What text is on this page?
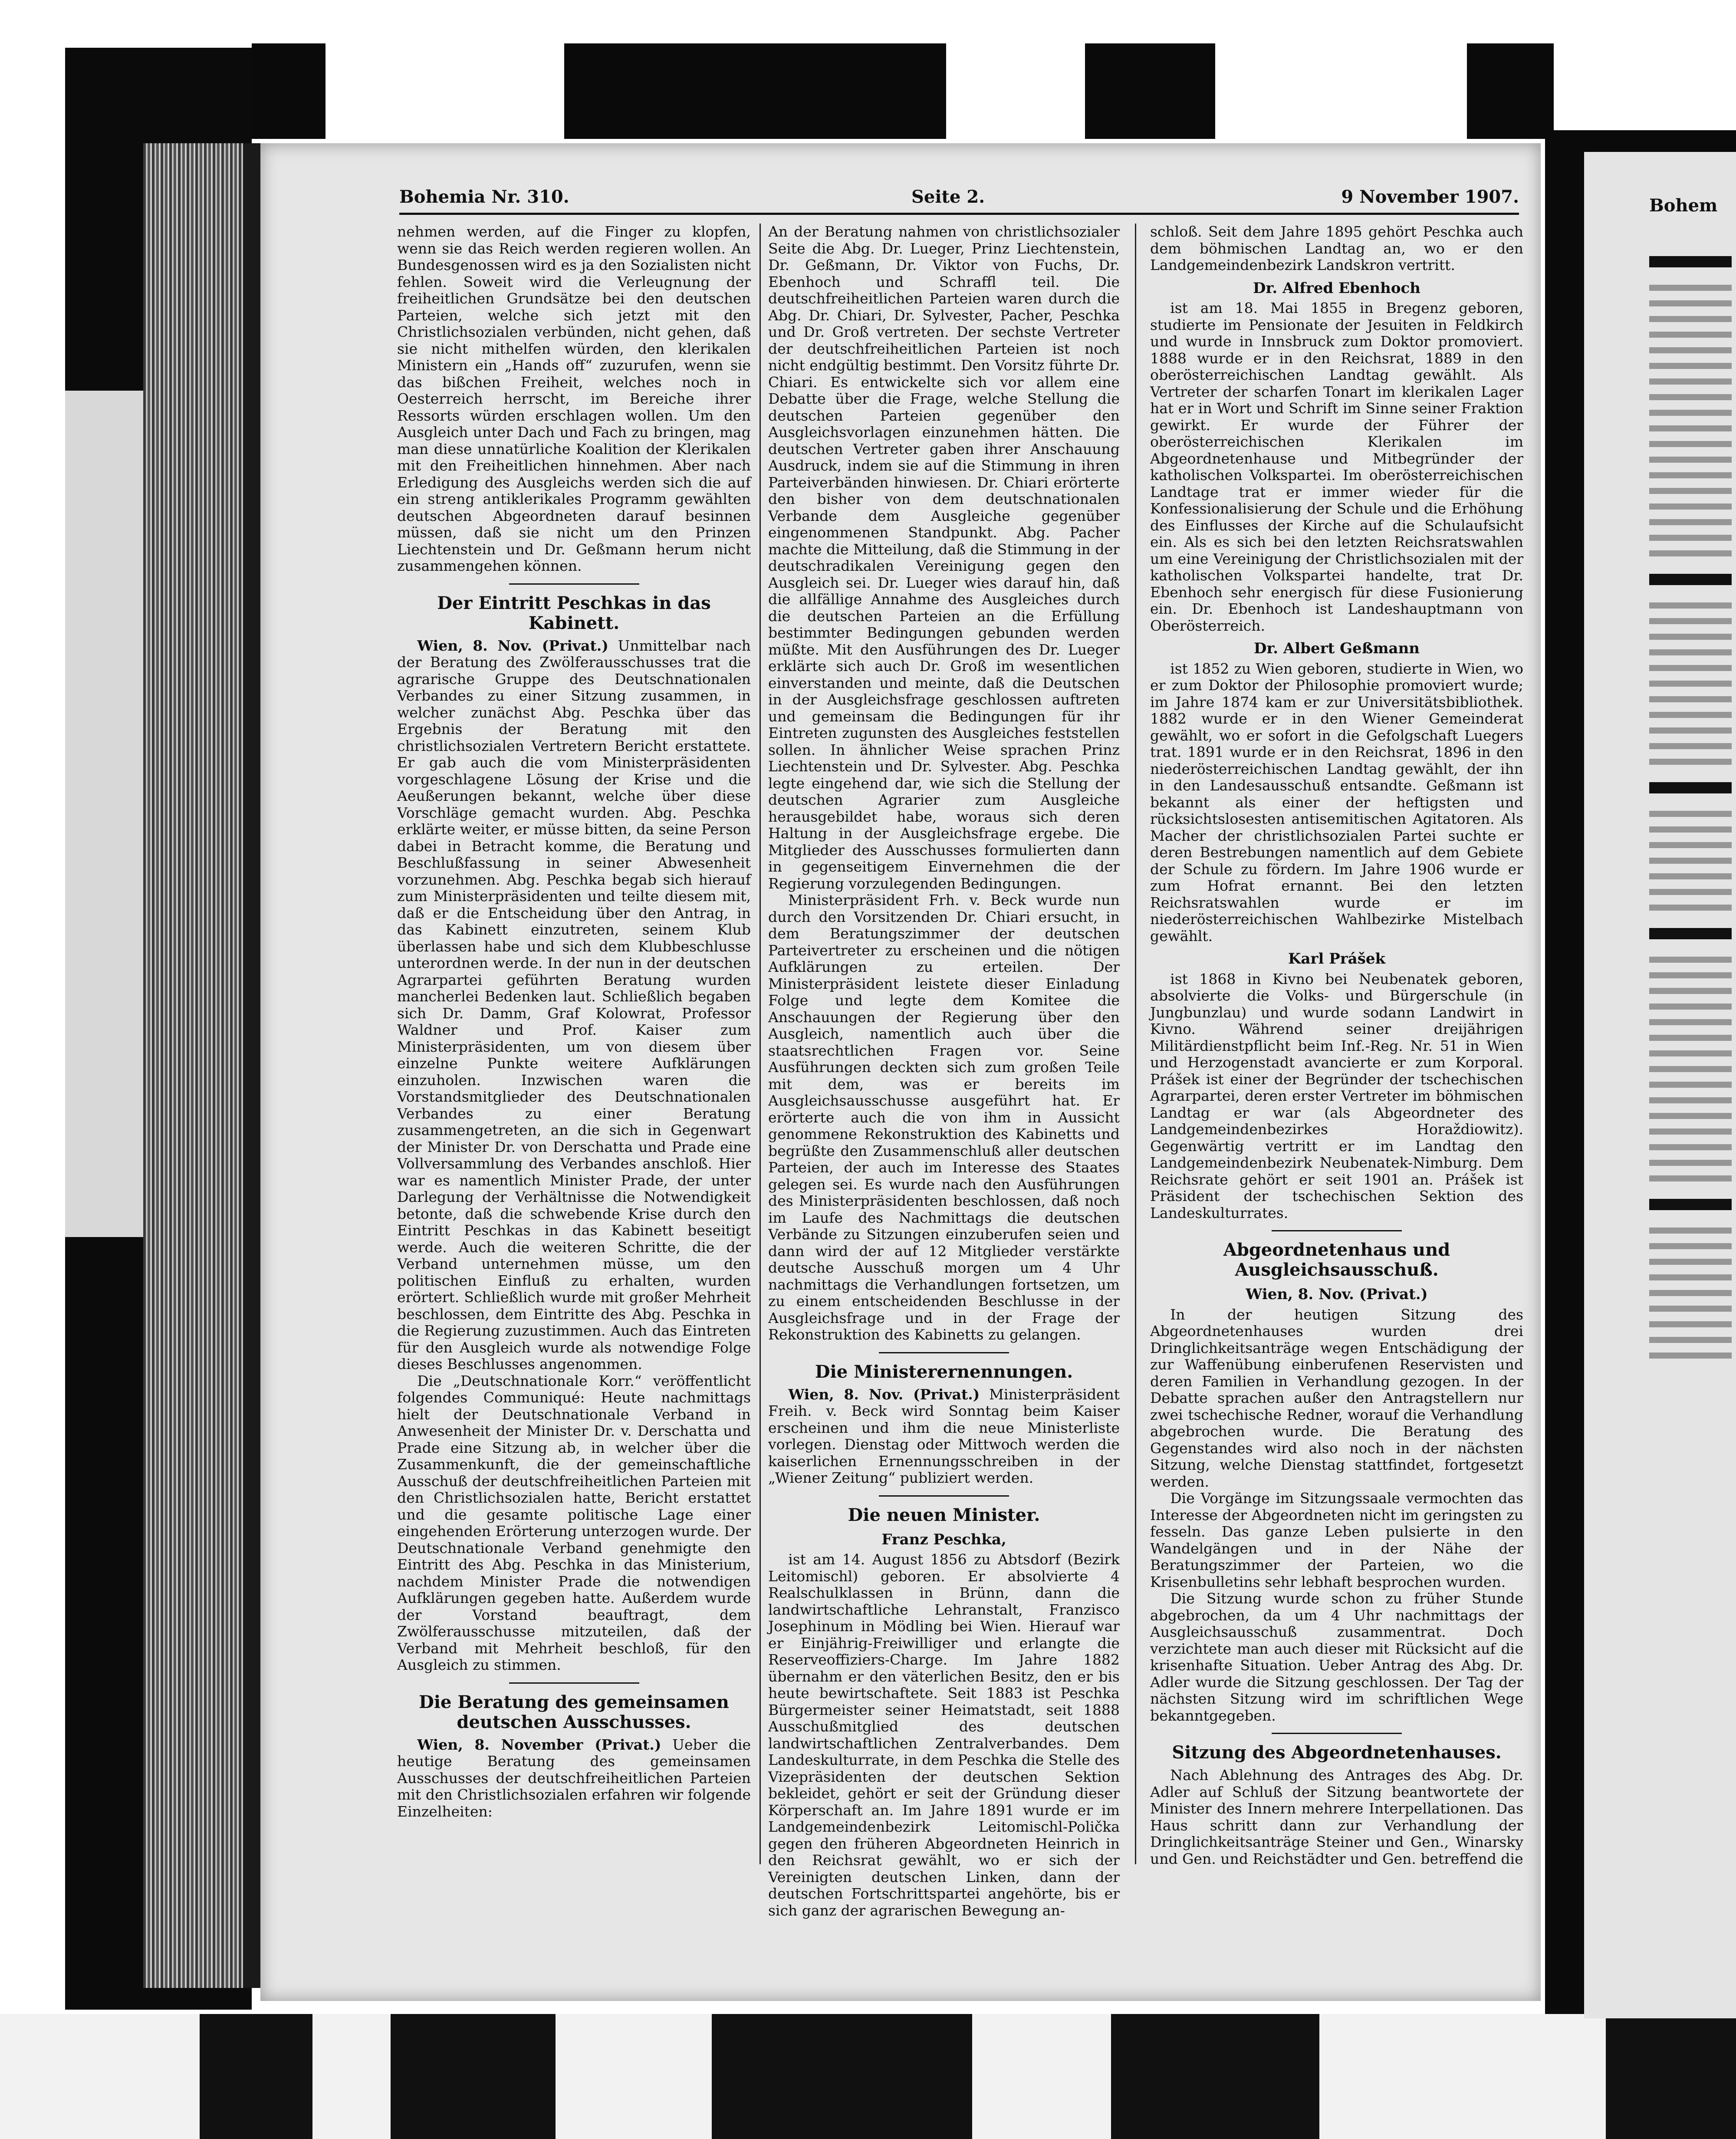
Bohem
Bohemia Nr. 310.	Seite 2.	9 November 1907.

nehmen werden, auf die Finger zu klopfen, wenn sie das Reich werden regieren wollen. An Bundesgenossen wird es ja den Sozialisten nicht fehlen. Soweit wird die Verleugnung der freiheitlichen Grundsätze bei den deutschen Parteien, welche sich jetzt mit den Christlichsozialen verbünden, nicht gehen, daß sie nicht mithelfen würden, den klerikalen Ministern ein „Hands off“ zuzurufen, wenn sie das bißchen Freiheit, welches noch in Oesterreich herrscht, im Bereiche ihrer Ressorts würden erschlagen wollen. Um den Ausgleich unter Dach und Fach zu bringen, mag man diese unnatürliche Koalition der Klerikalen mit den Freiheitlichen hinnehmen. Aber nach Erledigung des Ausgleichs werden sich die auf ein streng antiklerikales Programm gewählten deutschen Abgeordneten darauf besinnen müssen, daß sie nicht um den Prinzen Liechtenstein und Dr. Geßmann herum nicht zusammengehen können.

Der Eintritt Peschkas in das Kabinett.

Wien, 8. Nov. (Privat.) Unmittelbar nach der Beratung des Zwölferausschusses trat die agrarische Gruppe des Deutschnationalen Verbandes zu einer Sitzung zusammen, in welcher zunächst Abg. Peschka über das Ergebnis der Beratung mit den christlichsozialen Vertretern Bericht erstattete. Er gab auch die vom Ministerpräsidenten vorgeschlagene Lösung der Krise und die Aeußerungen bekannt, welche über diese Vorschläge gemacht wurden. Abg. Peschka erklärte weiter, er müsse bitten, da seine Person dabei in Betracht komme, die Beratung und Beschlußfassung in seiner Abwesenheit vorzunehmen. Abg. Peschka begab sich hierauf zum Ministerpräsidenten und teilte diesem mit, daß er die Entscheidung über den Antrag, in das Kabinett einzutreten, seinem Klub überlassen habe und sich dem Klubbeschlusse unterordnen werde. In der nun in der deutschen Agrarpartei geführten Beratung wurden mancherlei Bedenken laut. Schließlich begaben sich Dr. Damm, Graf Kolowrat, Professor Waldner und Prof. Kaiser zum Ministerpräsidenten, um von diesem über einzelne Punkte weitere Aufklärungen einzuholen. Inzwischen waren die Vorstandsmitglieder des Deutschnationalen Verbandes zu einer Beratung zusammengetreten, an die sich in Gegenwart der Minister Dr. von Derschatta und Prade eine Vollversammlung des Verbandes anschloß. Hier war es namentlich Minister Prade, der unter Darlegung der Verhältnisse die Notwendigkeit betonte, daß die schwebende Krise durch den Eintritt Peschkas in das Kabinett beseitigt werde. Auch die weiteren Schritte, die der Verband unternehmen müsse, um den politischen Einfluß zu erhalten, wurden erörtert. Schließlich wurde mit großer Mehrheit beschlossen, dem Eintritte des Abg. Peschka in die Regierung zuzustimmen. Auch das Eintreten für den Ausgleich wurde als notwendige Folge dieses Beschlusses angenommen.

Die „Deutschnationale Korr.“ veröffentlicht folgendes Communiqué: Heute nachmittags hielt der Deutschnationale Verband in Anwesenheit der Minister Dr. v. Derschatta und Prade eine Sitzung ab, in welcher über die Zusammenkunft, die der gemeinschaftliche Ausschuß der deutschfreiheitlichen Parteien mit den Christlichsozialen hatte, Bericht erstattet und die gesamte politische Lage einer eingehenden Erörterung unterzogen wurde. Der Deutschnationale Verband genehmigte den Eintritt des Abg. Peschka in das Ministerium, nachdem Minister Prade die notwendigen Aufklärungen gegeben hatte. Außerdem wurde der Vorstand beauftragt, dem Zwölferausschusse mitzuteilen, daß der Verband mit Mehrheit beschloß, für den Ausgleich zu stimmen.

Die Beratung des gemeinsamen deutschen Ausschusses.

Wien, 8. November (Privat.) Ueber die heutige Beratung des gemeinsamen Ausschusses der deutschfreiheitlichen Parteien mit den Christlichsozialen erfahren wir folgende Einzelheiten:

An der Beratung nahmen von christlichsozialer Seite die Abg. Dr. Lueger, Prinz Liechtenstein, Dr. Geßmann, Dr. Viktor von Fuchs, Dr. Ebenhoch und Schraffl teil. Die deutschfreiheitlichen Parteien waren durch die Abg. Dr. Chiari, Dr. Sylvester, Pacher, Peschka und Dr. Groß vertreten. Der sechste Vertreter der deutschfreiheitlichen Parteien ist noch nicht endgültig bestimmt. Den Vorsitz führte Dr. Chiari. Es entwickelte sich vor allem eine Debatte über die Frage, welche Stellung die deutschen Parteien gegenüber den Ausgleichsvorlagen einzunehmen hätten. Die deutschen Vertreter gaben ihrer Anschauung Ausdruck, indem sie auf die Stimmung in ihren Parteiverbänden hinwiesen. Dr. Chiari erörterte den bisher von dem deutschnationalen Verbande dem Ausgleiche gegenüber eingenommenen Standpunkt. Abg. Pacher machte die Mitteilung, daß die Stimmung in der deutschradikalen Vereinigung gegen den Ausgleich sei. Dr. Lueger wies darauf hin, daß die allfällige Annahme des Ausgleiches durch die deutschen Parteien an die Erfüllung bestimmter Bedingungen gebunden werden müßte. Mit den Ausführungen des Dr. Lueger erklärte sich auch Dr. Groß im wesentlichen einverstanden und meinte, daß die Deutschen in der Ausgleichsfrage geschlossen auftreten und gemeinsam die Bedingungen für ihr Eintreten zugunsten des Ausgleiches feststellen sollen. In ähnlicher Weise sprachen Prinz Liechtenstein und Dr. Sylvester. Abg. Peschka legte eingehend dar, wie sich die Stellung der deutschen Agrarier zum Ausgleiche herausgebildet habe, woraus sich deren Haltung in der Ausgleichsfrage ergebe. Die Mitglieder des Ausschusses formulierten dann in gegenseitigem Einvernehmen die der Regierung vorzulegenden Bedingungen.

Ministerpräsident Frh. v. Beck wurde nun durch den Vorsitzenden Dr. Chiari ersucht, in dem Beratungszimmer der deutschen Parteivertreter zu erscheinen und die nötigen Aufklärungen zu erteilen. Der Ministerpräsident leistete dieser Einladung Folge und legte dem Komitee die Anschauungen der Regierung über den Ausgleich, namentlich auch über die staatsrechtlichen Fragen vor. Seine Ausführungen deckten sich zum großen Teile mit dem, was er bereits im Ausgleichsausschusse ausgeführt hat. Er erörterte auch die von ihm in Aussicht genommene Rekonstruktion des Kabinetts und begrüßte den Zusammenschluß aller deutschen Parteien, der auch im Interesse des Staates gelegen sei. Es wurde nach den Ausführungen des Ministerpräsidenten beschlossen, daß noch im Laufe des Nachmittags die deutschen Verbände zu Sitzungen einzuberufen seien und dann wird der auf 12 Mitglieder verstärkte deutsche Ausschuß morgen um 4 Uhr nachmittags die Verhandlungen fortsetzen, um zu einem entscheidenden Beschlusse in der Ausgleichsfrage und in der Frage der Rekonstruktion des Kabinetts zu gelangen.

Die Ministerernennungen.

Wien, 8. Nov. (Privat.) Ministerpräsident Freih. v. Beck wird Sonntag beim Kaiser erscheinen und ihm die neue Ministerliste vorlegen. Dienstag oder Mittwoch werden die kaiserlichen Ernennungsschreiben in der „Wiener Zeitung“ publiziert werden.

Die neuen Minister.
Franz Peschka,

ist am 14. August 1856 zu Abtsdorf (Bezirk Leitomischl) geboren. Er absolvierte 4 Realschulklassen in Brünn, dann die landwirtschaftliche Lehranstalt, Franzisco Josephinum in Mödling bei Wien. Hierauf war er Einjährig-Freiwilliger und erlangte die Reserveoffiziers-Charge. Im Jahre 1882 übernahm er den väterlichen Besitz, den er bis heute bewirtschaftete. Seit 1883 ist Peschka Bürgermeister seiner Heimatstadt, seit 1888 Ausschußmitglied des deutschen landwirtschaftlichen Zentralverbandes. Dem Landeskulturrate, in dem Peschka die Stelle des Vizepräsidenten der deutschen Sektion bekleidet, gehört er seit der Gründung dieser Körperschaft an. Im Jahre 1891 wurde er im Landgemeindenbezirk Leitomischl-Polička gegen den früheren Abgeordneten Heinrich in den Reichsrat gewählt, wo er sich der Vereinigten deutschen Linken, dann der deutschen Fortschrittspartei angehörte, bis er sich ganz der agrarischen Bewegung an-

schloß. Seit dem Jahre 1895 gehört Peschka auch dem böhmischen Landtag an, wo er den Landgemeindenbezirk Landskron vertritt.

Dr. Alfred Ebenhoch

ist am 18. Mai 1855 in Bregenz geboren, studierte im Pensionate der Jesuiten in Feldkirch und wurde in Innsbruck zum Doktor promoviert. 1888 wurde er in den Reichsrat, 1889 in den oberösterreichischen Landtag gewählt. Als Vertreter der scharfen Tonart im klerikalen Lager hat er in Wort und Schrift im Sinne seiner Fraktion gewirkt. Er wurde der Führer der oberösterreichischen Klerikalen im Abgeordnetenhause und Mitbegründer der katholischen Volkspartei. Im oberösterreichischen Landtage trat er immer wieder für die Konfessionalisierung der Schule und die Erhöhung des Einflusses der Kirche auf die Schulaufsicht ein. Als es sich bei den letzten Reichsratswahlen um eine Vereinigung der Christlichsozialen mit der katholischen Volkspartei handelte, trat Dr. Ebenhoch sehr energisch für diese Fusionierung ein. Dr. Ebenhoch ist Landeshauptmann von Oberösterreich.

Dr. Albert Geßmann

ist 1852 zu Wien geboren, studierte in Wien, wo er zum Doktor der Philosophie promoviert wurde; im Jahre 1874 kam er zur Universitätsbibliothek. 1882 wurde er in den Wiener Gemeinderat gewählt, wo er sofort in die Gefolgschaft Luegers trat. 1891 wurde er in den Reichsrat, 1896 in den niederösterreichischen Landtag gewählt, der ihn in den Landesausschuß entsandte. Geßmann ist bekannt als einer der heftigsten und rücksichtslosesten antisemitischen Agitatoren. Als Macher der christlichsozialen Partei suchte er deren Bestrebungen namentlich auf dem Gebiete der Schule zu fördern. Im Jahre 1906 wurde er zum Hofrat ernannt. Bei den letzten Reichsratswahlen wurde er im niederösterreichischen Wahlbezirke Mistelbach gewählt.

Karl Prášek

ist 1868 in Kivno bei Neubenatek geboren, absolvierte die Volks- und Bürgerschule (in Jungbunzlau) und wurde sodann Landwirt in Kivno. Während seiner dreijährigen Militärdienstpflicht beim Inf.-Reg. Nr. 51 in Wien und Herzogenstadt avancierte er zum Korporal. Prášek ist einer der Begründer der tschechischen Agrarpartei, deren erster Vertreter im böhmischen Landtag er war (als Abgeordneter des Landgemeindenbezirkes Horaždiowitz). Gegenwärtig vertritt er im Landtag den Landgemeindenbezirk Neubenatek-Nimburg. Dem Reichsrate gehört er seit 1901 an. Prášek ist Präsident der tschechischen Sektion des Landeskulturrates.

Abgeordnetenhaus und Ausgleichsausschuß.
Wien, 8. Nov. (Privat.)

In der heutigen Sitzung des Abgeordnetenhauses wurden drei Dringlichkeitsanträge wegen Entschädigung der zur Waffenübung einberufenen Reservisten und deren Familien in Verhandlung gezogen. In der Debatte sprachen außer den Antragstellern nur zwei tschechische Redner, worauf die Verhandlung abgebrochen wurde. Die Beratung des Gegenstandes wird also noch in der nächsten Sitzung, welche Dienstag stattfindet, fortgesetzt werden.

Die Vorgänge im Sitzungssaale vermochten das Interesse der Abgeordneten nicht im geringsten zu fesseln. Das ganze Leben pulsierte in den Wandelgängen und in der Nähe der Beratungszimmer der Parteien, wo die Krisenbulletins sehr lebhaft besprochen wurden.

Die Sitzung wurde schon zu früher Stunde abgebrochen, da um 4 Uhr nachmittags der Ausgleichsausschuß zusammentrat. Doch verzichtete man auch dieser mit Rücksicht auf die krisenhafte Situation. Ueber Antrag des Abg. Dr. Adler wurde die Sitzung geschlossen. Der Tag der nächsten Sitzung wird im schriftlichen Wege bekanntgegeben.

Sitzung des Abgeordnetenhauses.

Nach Ablehnung des Antrages des Abg. Dr. Adler auf Schluß der Sitzung beantwortete der Minister des Innern mehrere Interpellationen. Das Haus schritt dann zur Verhandlung der Dringlichkeitsanträge Steiner und Gen., Winarsky und Gen. und Reichstädter und Gen. betreffend die
